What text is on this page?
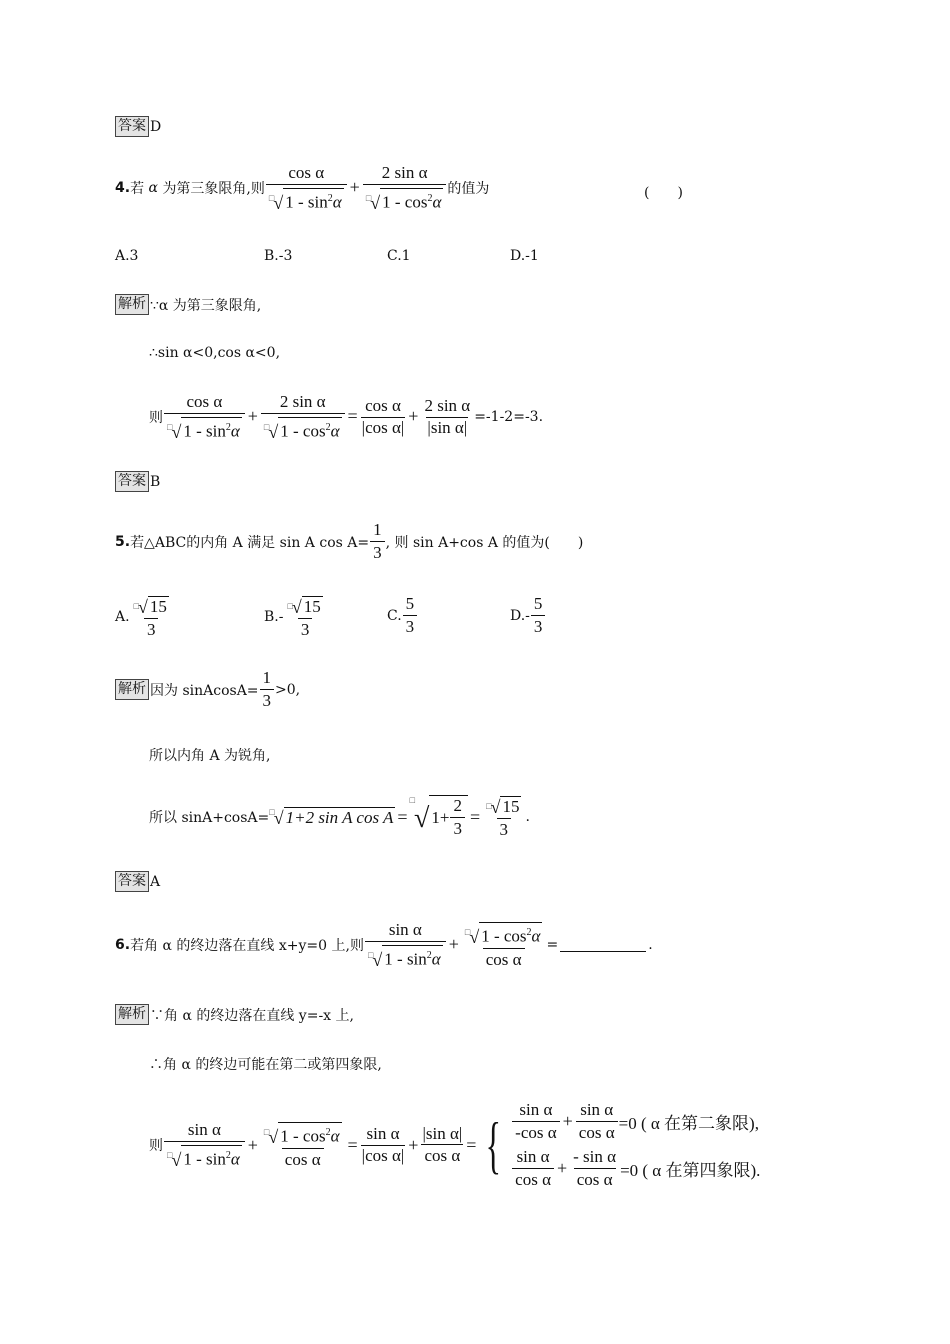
答案 D
4. 若
α
为第三象限角,则 $\frac{\text{cos α}}{□ √ 1 - \sin^2\alpha} + \frac{\text{2 sin α}}{□ √ 1 - \cos^2\alpha}$ 的值为	(　　)
A.3	B.-3	C.1	D.-1
解析 ∵α 为第三象限角,
∴sin α<0,cos α<0,
则 $\frac{\text{cos α}}{□ √ 1 - \sin^2\alpha} + \frac{\text{2 sin α}}{□ √ 1 - \cos^2\alpha} = \frac{\text{cos α}}{\text{|cos α|}} + \frac{\text{2 sin α}}{\text{|sin α|}} =-1-2=-3$.
答案 B
5. 若△ABC的内角 A 满足 sin A $\cos A= \frac{1}{3}$ , 则 sin A+cos A 的值为(　　)
A. $\frac{□ √ 15}{3}$	$B.- \frac{□ √ 15}{3}$	C. $\frac{5}{3}$	$D.- \frac{5}{3}$
解析 因为 sinAcosA= $\frac{1}{3} >0$,
所以内角 A 为锐角,
所以 sinA+cosA= □ √ 1+2 sin A cos A =
□
√ $1+ \frac{2}{3} = \frac{□ √ 15}{3}$ .
答案 A
6. 若角 α 的终边落在直线 x+y=0 上,则 $\frac{\text{sin α}}{□ √ 1 - \sin^2\alpha} + \frac{□ √ 1 - \cos^2\alpha}{\text{cos α}}$ =	.
解析 ∵角 α 的终边落在直线 y=-x 上,
∴角 α 的终边可能在第二或第四象限,
则 $\frac{\text{sin α}}{□ √ 1 - \sin^2\alpha} + \frac{□ √ 1 - \cos^2\alpha}{\text{cos α}} = \frac{\text{sin α}}{\text{|cos α|}} + \frac{\text{|sin α|}}{\text{cos α}}$ = { $\frac{\text{sin α}}{\text{-cos α}} + \frac{\text{sin α}}{\text{cos α}} =0$ ( α 在第二象限),
$\frac{\text{sin α}}{\text{cos α}} + \frac{\text{- sin α}}{\text{cos α}} =0$ ( α 在第四象限).
